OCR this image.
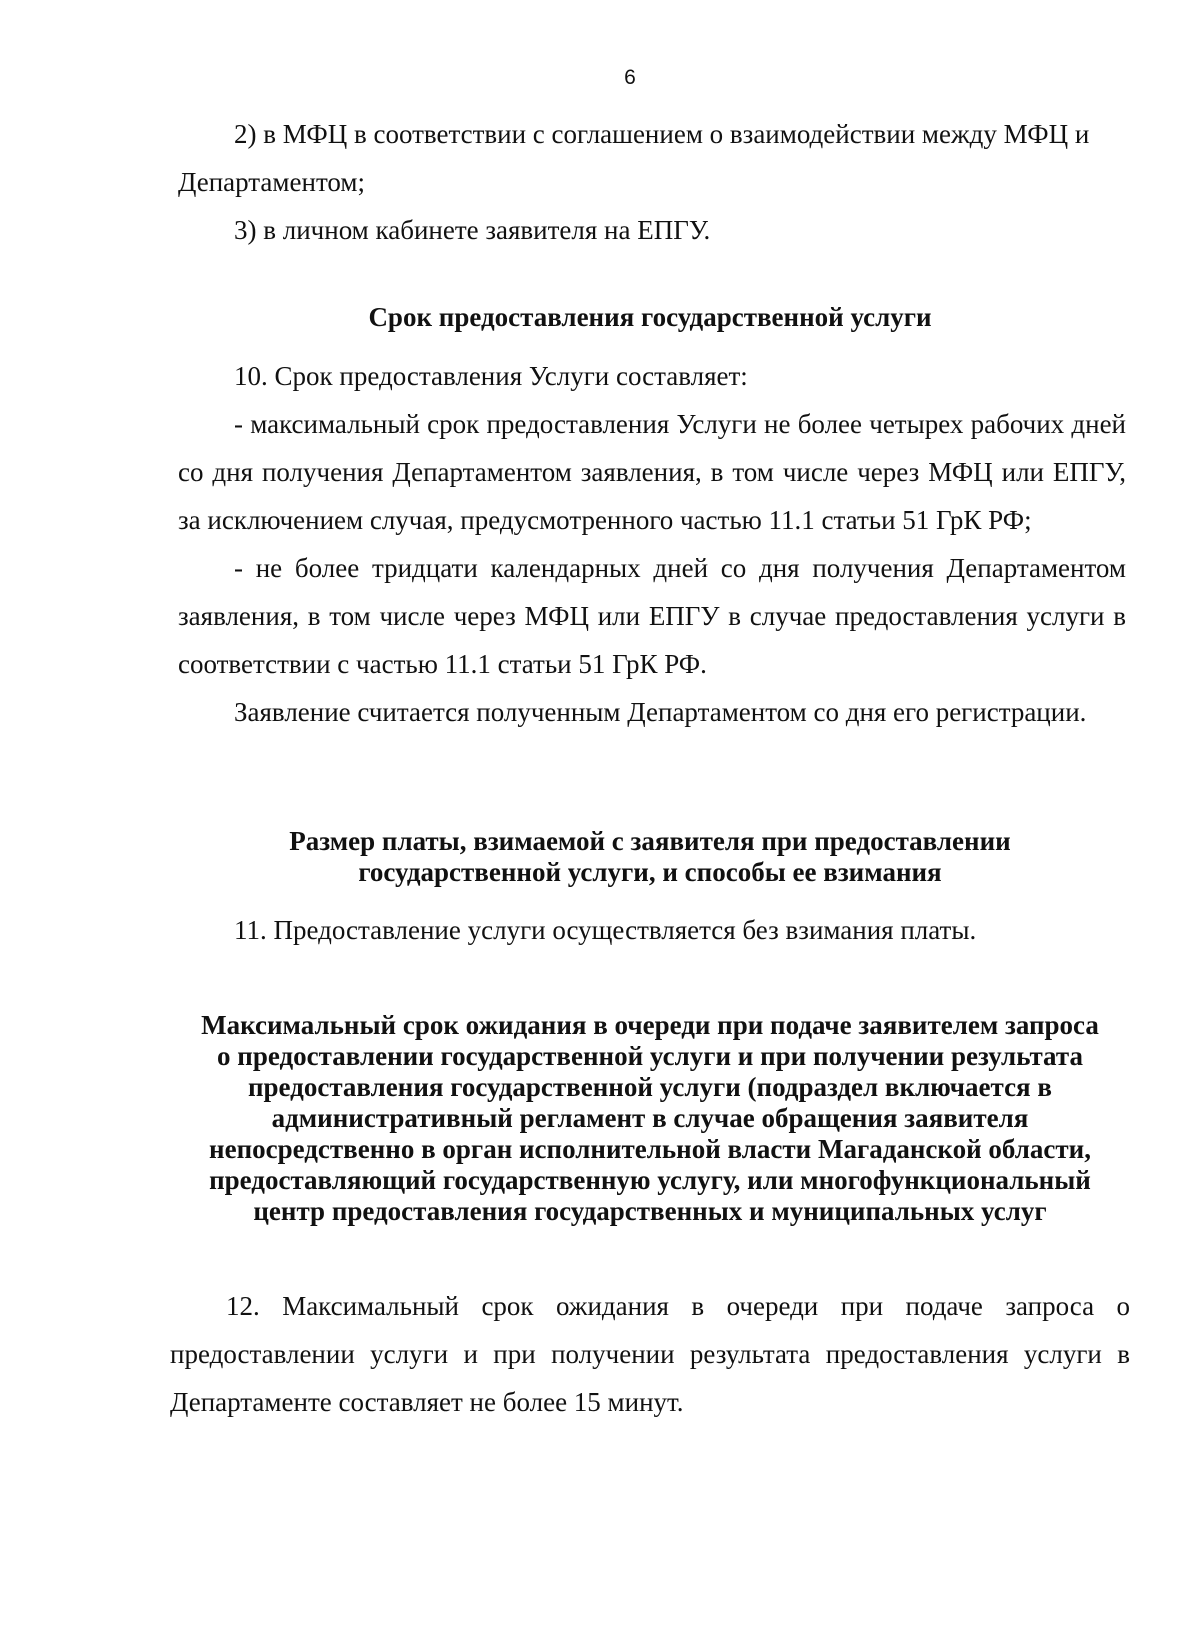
6

2) в МФЦ в соответствии с соглашением о взаимодействии между МФЦ и Департаментом;

3) в личном кабинете заявителя на ЕПГУ.

Срок предоставления государственной услуги

10. Срок предоставления Услуги составляет:

- максимальный срок предоставления Услуги не более четырех рабочих дней со дня получения Департаментом заявления, в том числе через МФЦ или ЕПГУ, за исключением случая, предусмотренного частью 11.1 статьи 51 ГрК РФ;

- не более тридцати календарных дней со дня получения Департаментом заявления, в том числе через МФЦ или ЕПГУ в случае предоставления услуги в соответствии с частью 11.1 статьи 51 ГрК РФ.

Заявление считается полученным Департаментом со дня его регистрации.

Размер платы, взимаемой с заявителя при предоставлении
государственной услуги, и способы ее взимания

11. Предоставление услуги осуществляется без взимания платы.

Максимальный срок ожидания в очереди при подаче заявителем запроса
о предоставлении государственной услуги и при получении результата
предоставления государственной услуги (подраздел включается в
административный регламент в случае обращения заявителя
непосредственно в орган исполнительной власти Магаданской области,
предоставляющий государственную услугу, или многофункциональный
центр предоставления государственных и муниципальных услуг

12. Максимальный срок ожидания в очереди при подаче запроса о предоставлении услуги и при получении результата предоставления услуги в Департаменте составляет не более 15 минут.
